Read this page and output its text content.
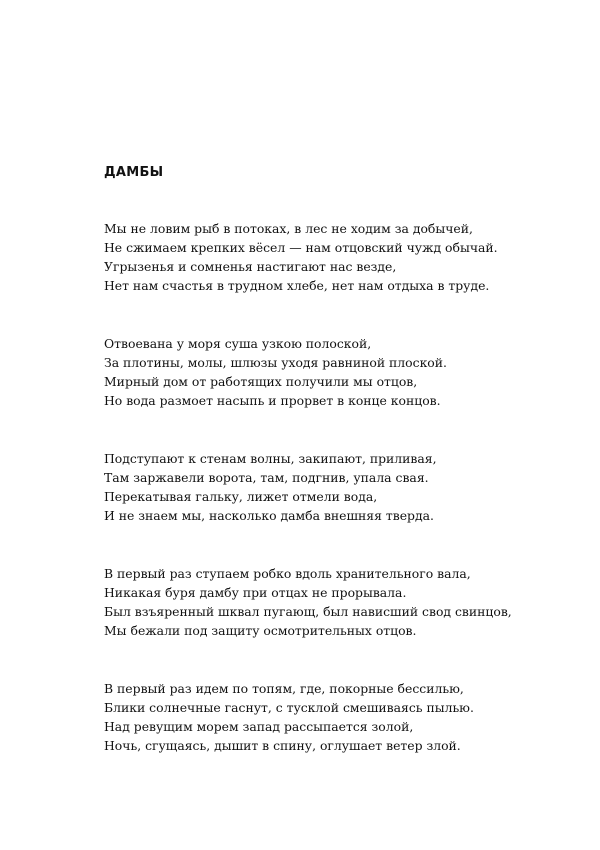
ДАМБЫ
Мы не ловим рыб в потоках, в лес не ходим за добычей,
Не сжимаем крепких вёсел — нам отцовский чужд обычай.
Угрызенья и сомненья настигают нас везде,
Нет нам счастья в трудном хлебе, нет нам отдыха в труде.
Отвоевана у моря суша узкою полоской,
За плотины, молы, шлюзы уходя равниной плоской.
Мирный дом от работящих получили мы отцов,
Но вода размоет насыпь и прорвет в конце концов.
Подступают к стенам волны, закипают, приливая,
Там заржавели ворота, там, подгнив, упала свая.
Перекатывая гальку, лижет отмели вода,
И не знаем мы, насколько дамба внешняя тверда.
В первый раз ступаем робко вдоль хранительного вала,
Никакая буря дамбу при отцах не прорывала.
Был взъяренный шквал пугающ, был нависший свод свинцов,
Мы бежали под защиту осмотрительных отцов.
В первый раз идем по топям, где, покорные бессилью,
Блики солнечные гаснут, с тусклой смешиваясь пылью.
Над ревущим морем запад рассыпается золой,
Ночь, сгущаясь, дышит в спину, оглушает ветер злой.
